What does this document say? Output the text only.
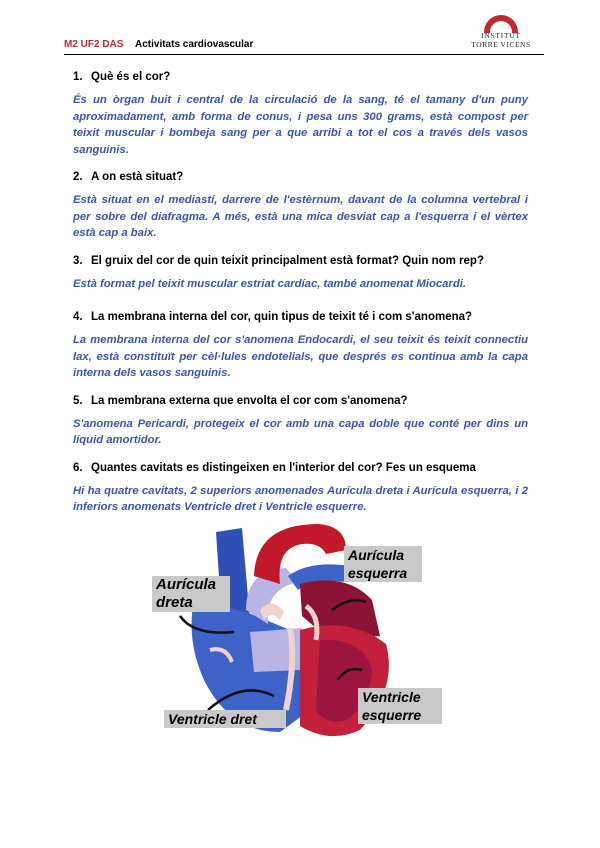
M2 UF2 DAS Activitats cardiovascular
INSTITUT
TORRE VICENS
1. Què és el cor?
És un òrgan buit i central de la circulació de la sang, té el tamany d'un puny aproximadament, amb forma de conus, i pesa uns 300 grams, està compost per teixit muscular i bombeja sang per a que arribi a tot el cos a través dels vasos sanguinis.
2. A on està situat?
Està situat en el mediastí, darrere de l'estèrnum, davant de la columna vertebral i per sobre del diafragma. A més, està una mica desviat cap a l'esquerra i el vèrtex està cap a baix.
3. El gruix del cor de quin teixit principalment està format? Quin nom rep?
Està format pel teixit muscular estriat cardíac, també anomenat Miocardi.
4. La membrana interna del cor, quin tipus de teixit té i com s'anomena?
La membrana interna del cor s'anomena Endocardi, el seu teixit és teixit connectiu lax, està constituït per cèl·lules endotelials, que després es continua amb la capa interna dels vasos sanguinis.
5. La membrana externa que envolta el cor com s'anomena?
S'anomena Pericardi, protegeix el cor amb una capa doble que conté per dins un líquid amortidor.
6. Quantes cavitats es distingeixen en l'interior del cor? Fes un esquema
Hi ha quatre cavitats, 2 superiors anomenades Aurícula dreta i Aurícula esquerra, i 2 inferiors anomenats Ventricle dret i Ventricle esquerre.
Aurícula
dreta
Aurícula
esquerra
Ventricle dret
Ventricle
esquerre
